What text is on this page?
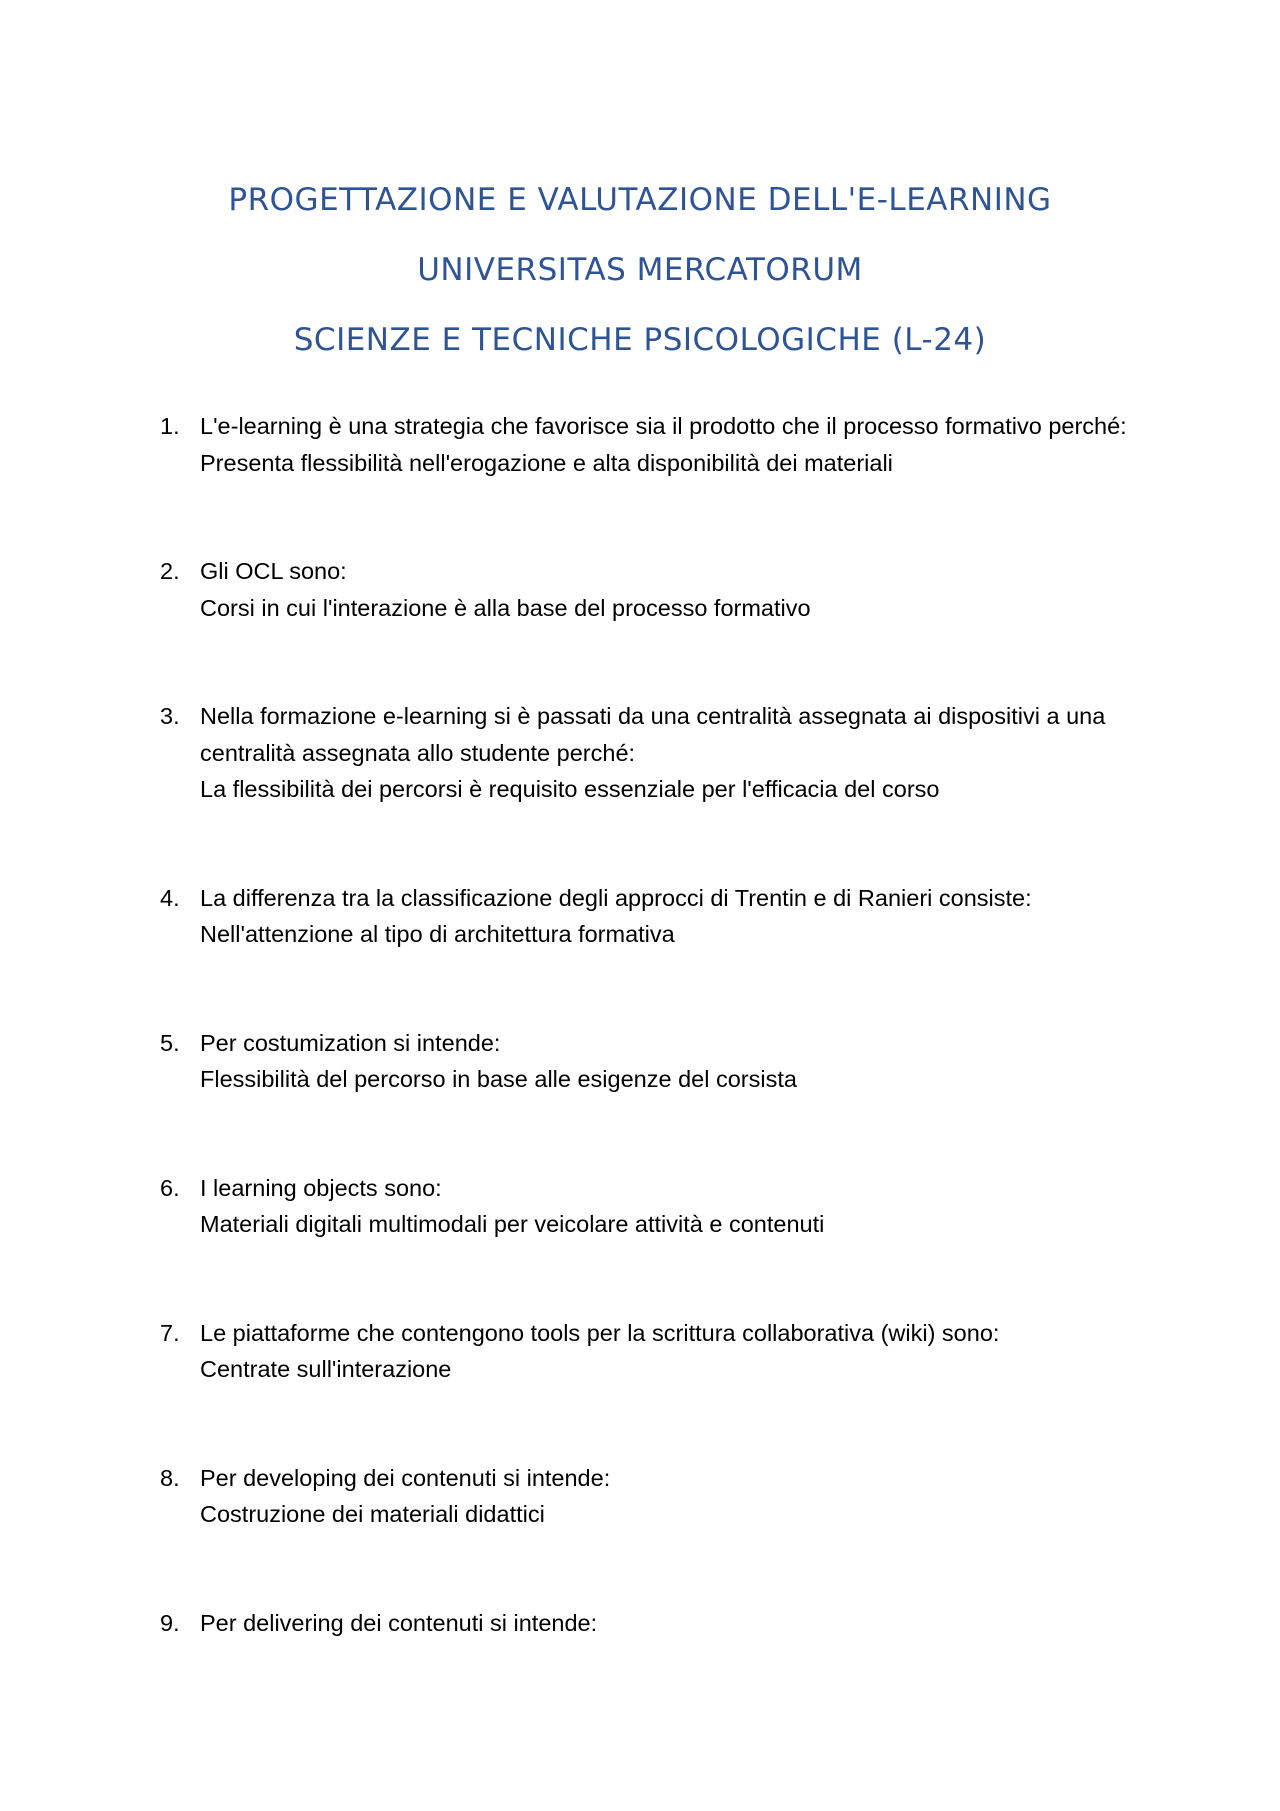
PROGETTAZIONE E VALUTAZIONE DELL'E-LEARNING
UNIVERSITAS MERCATORUM
SCIENZE E TECNICHE PSICOLOGICHE (L-24)
1. L'e-learning è una strategia che favorisce sia il prodotto che il processo formativo perché:
Presenta flessibilità nell'erogazione e alta disponibilità dei materiali
2. Gli OCL sono:
Corsi in cui l'interazione è alla base del processo formativo
3. Nella formazione e-learning si è passati da una centralità assegnata ai dispositivi a una centralità assegnata allo studente perché:
La flessibilità dei percorsi è requisito essenziale per l'efficacia del corso
4. La differenza tra la classificazione degli approcci di Trentin e di Ranieri consiste:
Nell'attenzione al tipo di architettura formativa
5. Per costumization si intende:
Flessibilità del percorso in base alle esigenze del corsista
6. I learning objects sono:
Materiali digitali multimodali per veicolare attività e contenuti
7. Le piattaforme che contengono tools per la scrittura collaborativa (wiki) sono:
Centrate sull'interazione
8. Per developing dei contenuti si intende:
Costruzione dei materiali didattici
9. Per delivering dei contenuti si intende:
